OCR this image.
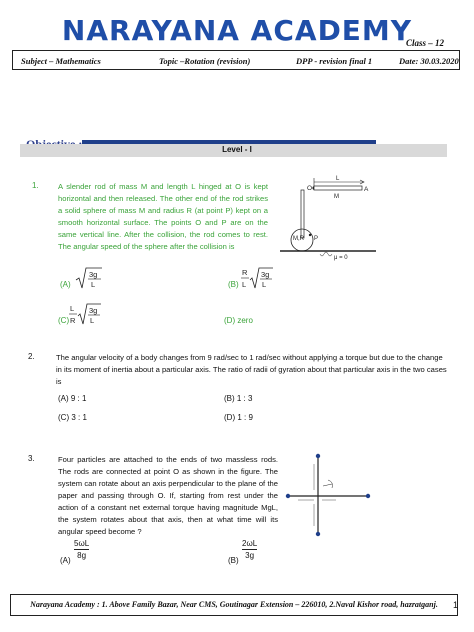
NARAYANA ACADEMY
Class – 12
Subject – Mathematics	Topic –Rotation (revision)	DPP - revision final 1	Date: 30.03.2020
Level - I
1.	A slender rod of mass M and length L hinged at O is kept horizontal and then released. The other end of the rod strikes a solid sphere of mass M and radius R (at point P) kept on a smooth horizontal surface. The points O and P are on the same vertical line. After the collision, the rod comes to rest. The angular speed of the sphere after the collision is
(A)
3g
L	(B)
R
L
3g
L
(C)
L
R
3g
L	(D) zero
L
O	A
M
M,R P
μ = 0
2.	The angular velocity of a body changes from 9 rad/sec to 1 rad/sec without applying a torque but due to the change in its moment of inertia about a particular axis. The ratio of radii of gyration about that particular axis in the two cases is
(A) 9 : 1	(B) 1 : 3
(C) 3 : 1	(D) 1 : 9
3.	Four particles are attached to the ends of two massless rods. The rods are connected at point O as shown in the figure. The system can rotate about an axis perpendicular to the plane of the paper and passing through O. If, starting from rest under the action of a constant net external torque having magnitude MgL, the system rotates about that axis, then at what time will its angular speed become ?
$(A) \frac{5\omega L}{8g}$	$(B) \frac{2\omega L}{3g}$
Narayana Academy : 1. Above Family Bazar, Near CMS, Goutinagar Extension – 226010, 2.Naval Kishor road, hazratganj.	1
